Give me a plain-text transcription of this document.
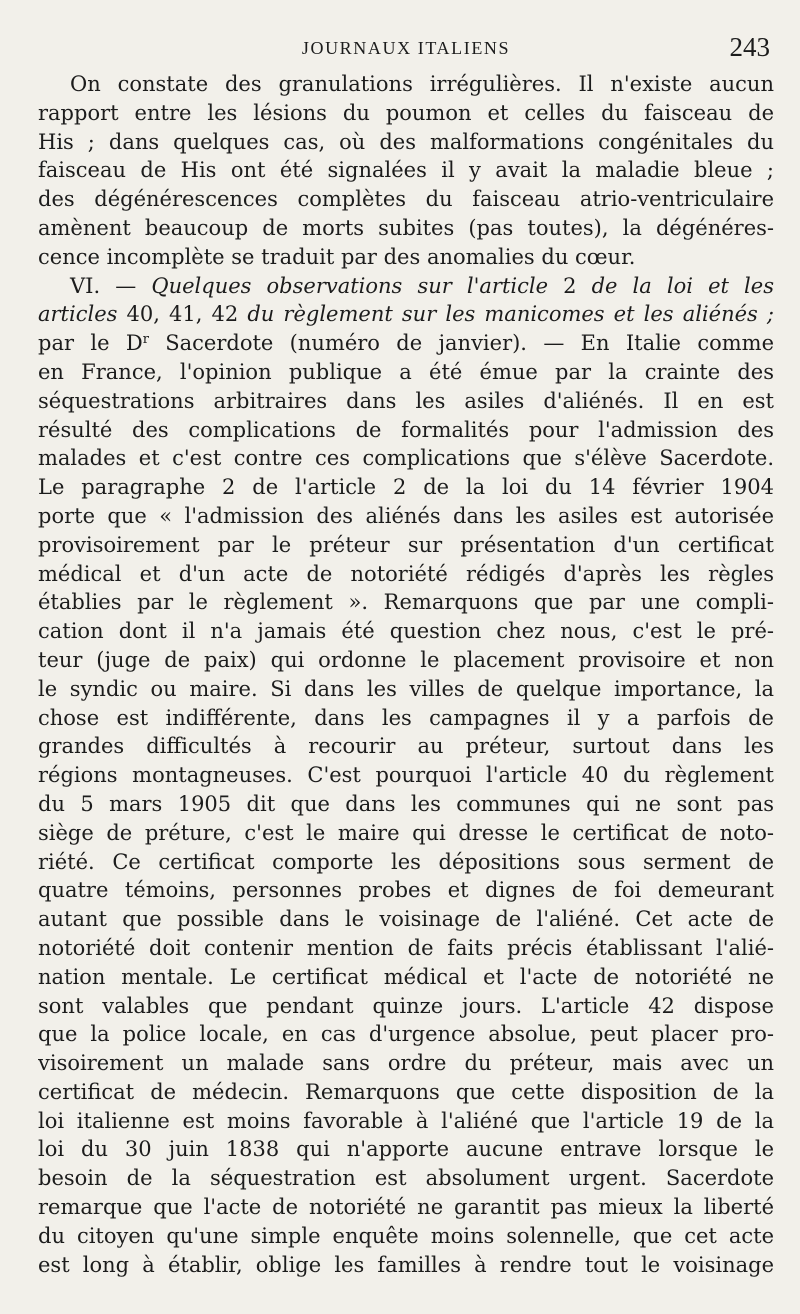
JOURNAUX ITALIENS	243
On constate des granulations irrégulières. Il n'existe aucun
rapport entre les lésions du poumon et celles du faisceau de
His ; dans quelques cas, où des malformations congénitales du
faisceau de His ont été signalées il y avait la maladie bleue ;
des dégénérescences complètes du faisceau atrio-ventriculaire
amènent beaucoup de morts subites (pas toutes), la dégénéres-
cence incomplète se traduit par des anomalies du cœur.
VI. — Quelques observations sur l'article 2 de la loi et les
articles 40, 41, 42 du règlement sur les manicomes et les aliénés ;
par le $D^r$ Sacerdote (numéro de janvier). — En Italie comme
en France, l'opinion publique a été émue par la crainte des
séquestrations arbitraires dans les asiles d'aliénés. Il en est
résulté des complications de formalités pour l'admission des
malades et c'est contre ces complications que s'élève Sacerdote.
Le paragraphe 2 de l'article 2 de la loi du 14 février 1904
porte que « l'admission des aliénés dans les asiles est autorisée
provisoirement par le préteur sur présentation d'un certificat
médical et d'un acte de notoriété rédigés d'après les règles
établies par le règlement ». Remarquons que par une compli-
cation dont il n'a jamais été question chez nous, c'est le pré-
teur (juge de paix) qui ordonne le placement provisoire et non
le syndic ou maire. Si dans les villes de quelque importance, la
chose est indifférente, dans les campagnes il y a parfois de
grandes difficultés à recourir au préteur, surtout dans les
régions montagneuses. C'est pourquoi l'article 40 du règlement
du 5 mars 1905 dit que dans les communes qui ne sont pas
siège de préture, c'est le maire qui dresse le certificat de noto-
riété. Ce certificat comporte les dépositions sous serment de
quatre témoins, personnes probes et dignes de foi demeurant
autant que possible dans le voisinage de l'aliéné. Cet acte de
notoriété doit contenir mention de faits précis établissant l'alié-
nation mentale. Le certificat médical et l'acte de notoriété ne
sont valables que pendant quinze jours. L'article 42 dispose
que la police locale, en cas d'urgence absolue, peut placer pro-
visoirement un malade sans ordre du préteur, mais avec un
certificat de médecin. Remarquons que cette disposition de la
loi italienne est moins favorable à l'aliéné que l'article 19 de la
loi du 30 juin 1838 qui n'apporte aucune entrave lorsque le
besoin de la séquestration est absolument urgent. Sacerdote
remarque que l'acte de notoriété ne garantit pas mieux la liberté
du citoyen qu'une simple enquête moins solennelle, que cet acte
est long à établir, oblige les familles à rendre tout le voisinage
